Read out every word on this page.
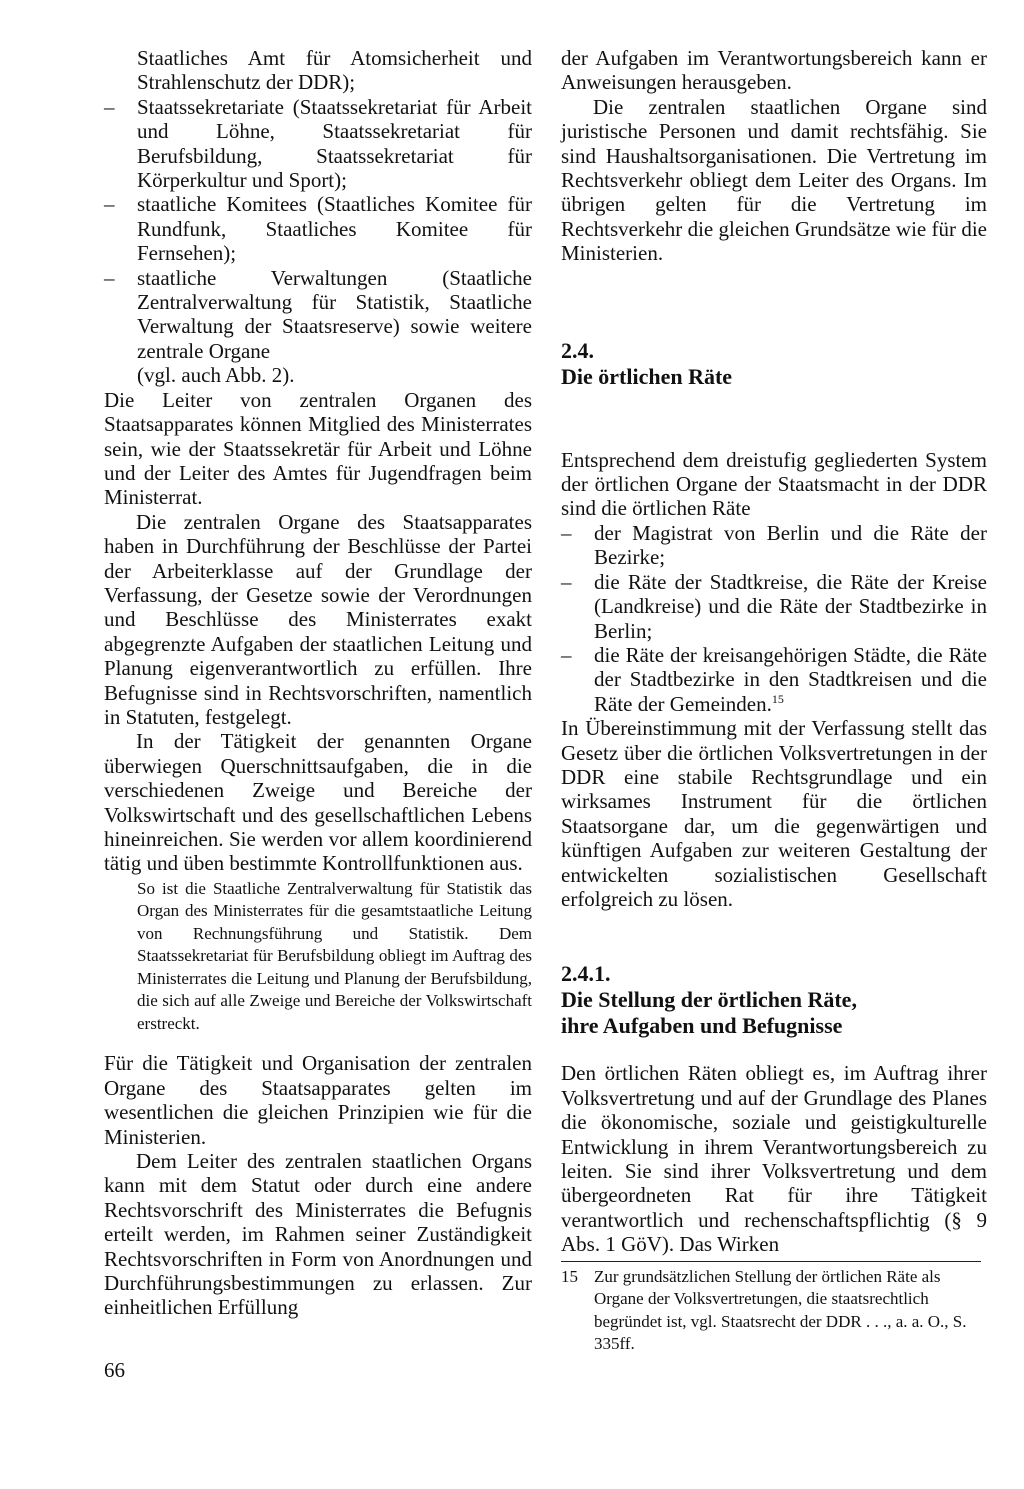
Staatliches Amt für Atomsicherheit und Strahlenschutz der DDR);

– Staatssekretariate (Staatssekretariat für Arbeit und Löhne, Staatssekretariat für Berufsbildung, Staatssekretariat für Körperkultur und Sport);
– staatliche Komitees (Staatliches Komitee für Rundfunk, Staatliches Komitee für Fernsehen);
– staatliche Verwaltungen (Staatliche Zentralverwaltung für Statistik, Staatliche Verwaltung der Staatsreserve) sowie weitere zentrale Organe

(vgl. auch Abb. 2).

Die Leiter von zentralen Organen des Staatsapparates können Mitglied des Ministerrates sein, wie der Staatssekretär für Arbeit und Löhne und der Leiter des Amtes für Jugendfragen beim Ministerrat.

Die zentralen Organe des Staatsapparates haben in Durchführung der Beschlüsse der Partei der Arbeiterklasse auf der Grundlage der Verfassung, der Gesetze sowie der Verordnungen und Beschlüsse des Ministerrates exakt abgegrenzte Aufgaben der staatlichen Leitung und Planung eigenverantwortlich zu erfüllen. Ihre Befugnisse sind in Rechtsvorschriften, namentlich in Statuten, festgelegt.

In der Tätigkeit der genannten Organe überwiegen Querschnittsaufgaben, die in die verschiedenen Zweige und Bereiche der Volkswirtschaft und des gesellschaftlichen Lebens hineinreichen. Sie werden vor allem koordinierend tätig und üben bestimmte Kontrollfunktionen aus.

So ist die Staatliche Zentralverwaltung für Statistik das Organ des Ministerrates für die gesamtstaatliche Leitung von Rechnungsführung und Statistik. Dem Staatssekretariat für Berufsbildung obliegt im Auftrag des Ministerrates die Leitung und Planung der Berufsbildung, die sich auf alle Zweige und Bereiche der Volkswirtschaft erstreckt.

Für die Tätigkeit und Organisation der zentralen Organe des Staatsapparates gelten im wesentlichen die gleichen Prinzipien wie für die Ministerien.

Dem Leiter des zentralen staatlichen Organs kann mit dem Statut oder durch eine andere Rechtsvorschrift des Ministerrates die Befugnis erteilt werden, im Rahmen seiner Zuständigkeit Rechtsvorschriften in Form von Anordnungen und Durchführungsbestimmungen zu erlassen. Zur einheitlichen Erfüllung

der Aufgaben im Verantwortungsbereich kann er Anweisungen herausgeben.

Die zentralen staatlichen Organe sind juristische Personen und damit rechtsfähig. Sie sind Haushaltsorganisationen. Die Vertretung im Rechtsverkehr obliegt dem Leiter des Organs. Im übrigen gelten für die Vertretung im Rechtsverkehr die gleichen Grundsätze wie für die Ministerien.

2.4.
Die örtlichen Räte

Entsprechend dem dreistufig gegliederten System der örtlichen Organe der Staatsmacht in der DDR sind die örtlichen Räte

– der Magistrat von Berlin und die Räte der Bezirke;
– die Räte der Stadtkreise, die Räte der Kreise (Landkreise) und die Räte der Stadtbezirke in Berlin;
– die Räte der kreisangehörigen Städte, die Räte der Stadtbezirke in den Stadtkreisen und die Räte der Gemeinden.$^{15}$

In Übereinstimmung mit der Verfassung stellt das Gesetz über die örtlichen Volksvertretungen in der DDR eine stabile Rechtsgrundlage und ein wirksames Instrument für die örtlichen Staatsorgane dar, um die gegenwärtigen und künftigen Aufgaben zur weiteren Gestaltung der entwickelten sozialistischen Gesellschaft erfolgreich zu lösen.

2.4.1.
Die Stellung der örtlichen Räte,
ihre Aufgaben und Befugnisse

Den örtlichen Räten obliegt es, im Auftrag ihrer Volksvertretung und auf der Grundlage des Planes die ökonomische, soziale und geistigkulturelle Entwicklung in ihrem Verantwortungsbereich zu leiten. Sie sind ihrer Volksvertretung und dem übergeordneten Rat für ihre Tätigkeit verantwortlich und rechenschaftspflichtig (§ 9 Abs. 1 GöV). Das Wirken

15 Zur grundsätzlichen Stellung der örtlichen Räte als Organe der Volksvertretungen, die staatsrechtlich begründet ist, vgl. Staatsrecht der DDR . . ., a. a. O., S. 335ff.
66
